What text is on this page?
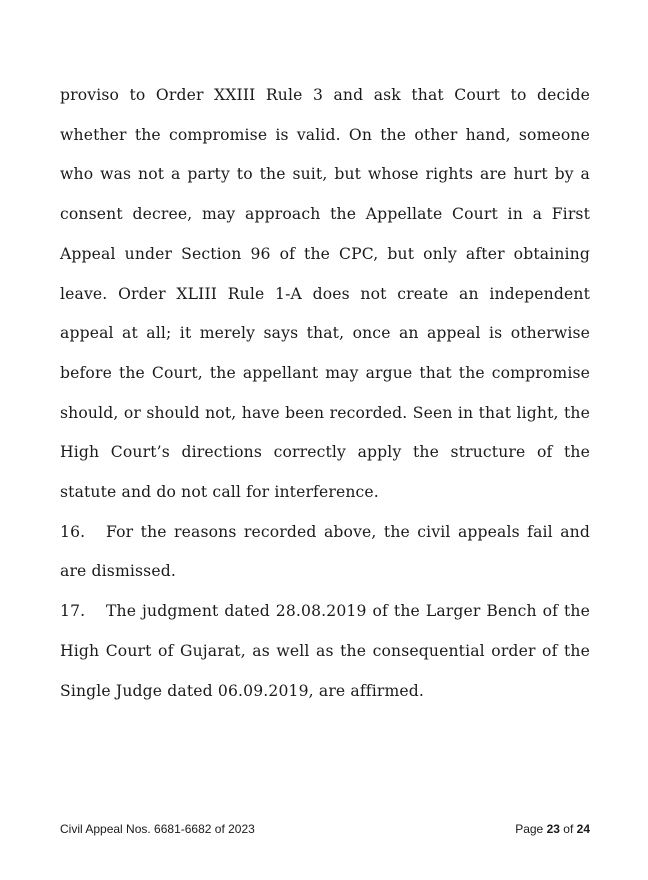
proviso to Order XXIII Rule 3 and ask that Court to decide whether the compromise is valid. On the other hand, someone who was not a party to the suit, but whose rights are hurt by a consent decree, may approach the Appellate Court in a First Appeal under Section 96 of the CPC, but only after obtaining leave. Order XLIII Rule 1-A does not create an independent appeal at all; it merely says that, once an appeal is otherwise before the Court, the appellant may argue that the compromise should, or should not, have been recorded. Seen in that light, the High Court’s directions correctly apply the structure of the statute and do not call for interference.

16. For the reasons recorded above, the civil appeals fail and are dismissed.

17. The judgment dated 28.08.2019 of the Larger Bench of the High Court of Gujarat, as well as the consequential order of the Single Judge dated 06.09.2019, are affirmed.

Civil Appeal Nos. 6681-6682 of 2023	Page 23 of 24
